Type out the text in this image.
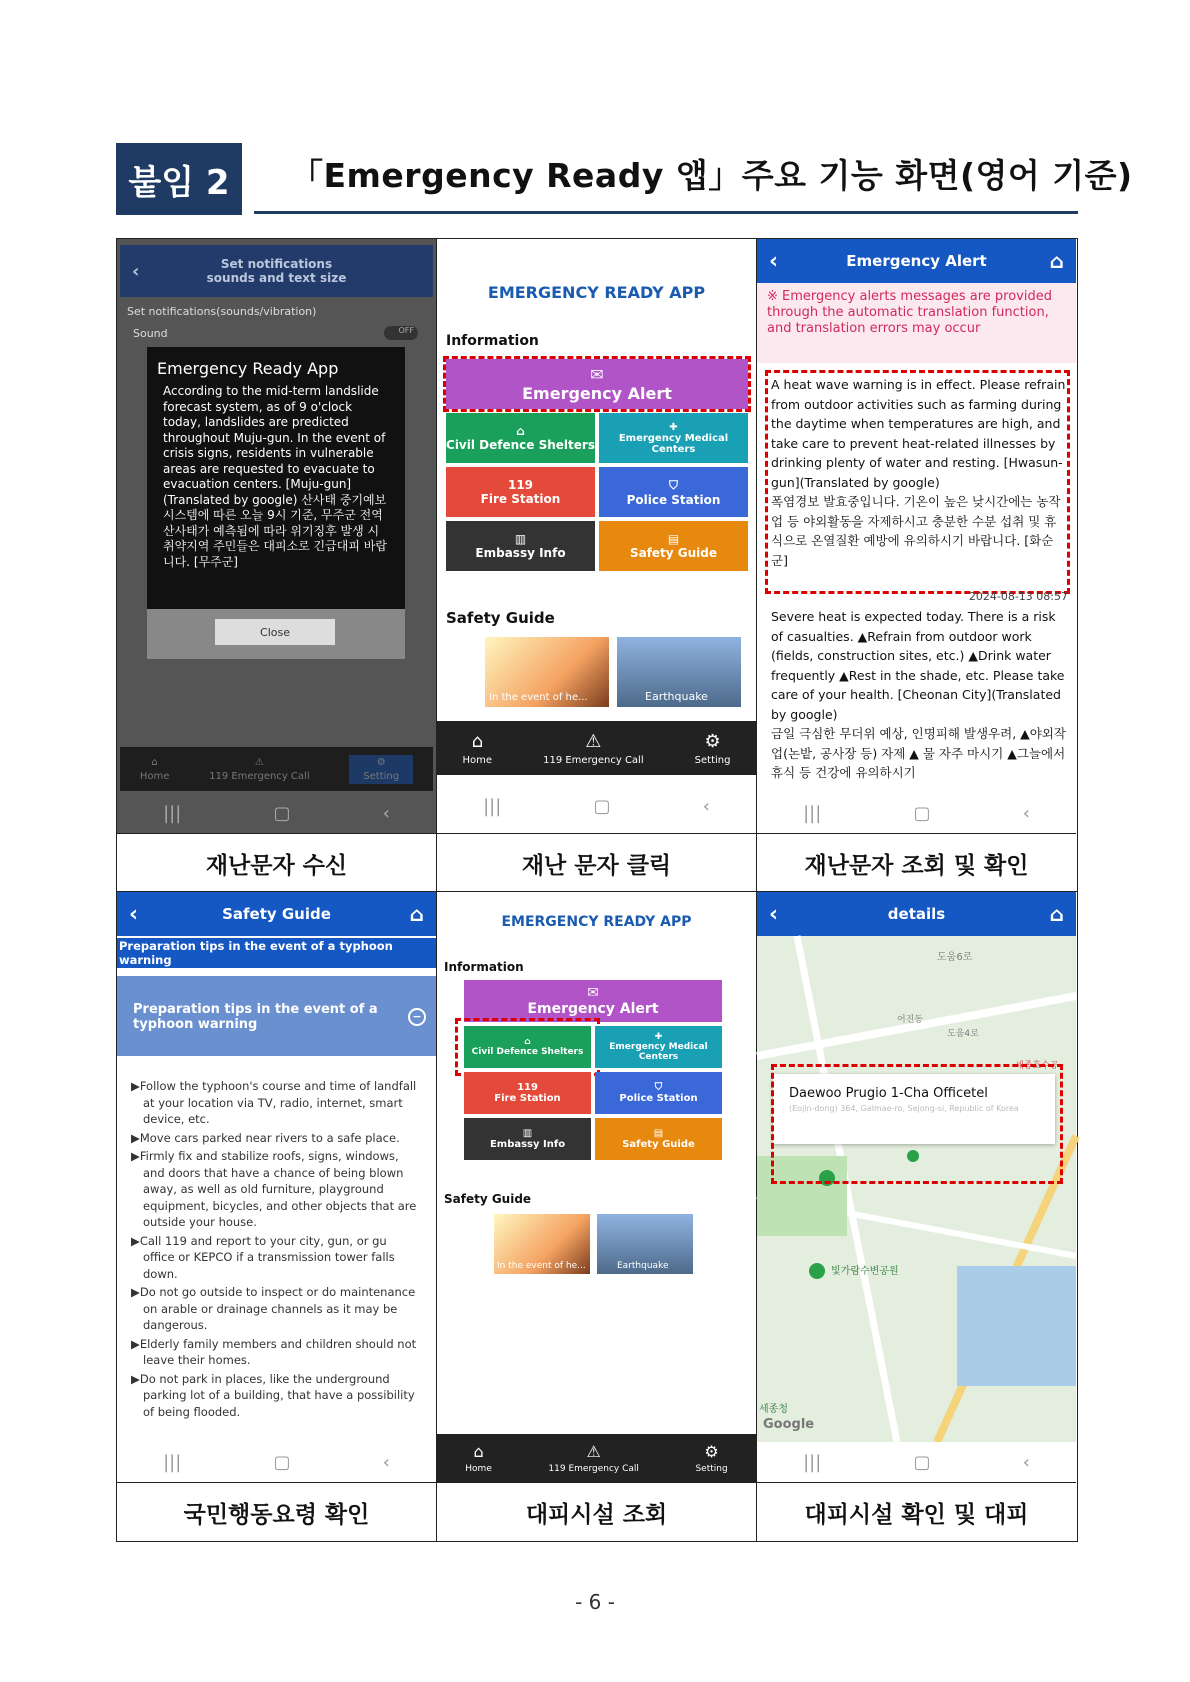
붙임 2	「Emergency Ready 앱」주요 기능 화면(영어 기준)
‹	Set notifications sounds and text size
Set notifications(sounds/vibration)
Sound	OFF
Emergency Ready App
According to the mid-term landslide forecast system, as of 9 o'clock today, landslides are predicted throughout Muju-gun. In the event of crisis signs, residents in vulnerable areas are requested to evacuate to evacuation centers. [Muju-gun](Translated by google) 산사태 중기예보시스템에 따른 오늘 9시 기준, 무주군 전역 산사태가 예측됨에 따라 위기징후 발생 시 취약지역 주민들은 대피소로 긴급대피 바랍니다. [무주군]
Close
⌂
Home
⚠
119 Emergency Call
⚙
Setting
|||	▢	‹
EMERGENCY READY APP
Information
✉
Emergency Alert
⌂
Civil Defence Shelters
✚
Emergency Medical Centers
119
Fire Station
⛉
Police Station
▥
Embassy Info
▤
Safety Guide
Safety Guide
In the event of he...	Earthquake
⌂
Home
⚠
119 Emergency Call
⚙
Setting
|||	▢	‹
‹	Emergency Alert	⌂
※ Emergency alerts messages are provided through the automatic translation function, and translation errors may occur
A heat wave warning is in effect. Please refrain from outdoor activities such as farming during the daytime when temperatures are high, and take care to prevent heat-related illnesses by drinking plenty of water and resting. [Hwasun-gun](Translated by google)
폭염경보 발효중입니다. 기온이 높은 낮시간에는 농작업 등 야외활동을 자제하시고 충분한 수분 섭취 및 휴식으로 온열질환 예방에 유의하시기 바랍니다. [화순군]
2024-08-13 08:57
Severe heat is expected today. There is a risk of casualties. ▲Refrain from outdoor work (fields, construction sites, etc.) ▲Drink water frequently ▲Rest in the shade, etc. Please take care of your health. [Cheonan City](Translated by google)
금일 극심한 무더위 예상, 인명피해 발생우려, ▲야외작업(논밭, 공사장 등) 자제 ▲ 물 자주 마시기 ▲그늘에서 휴식 등 건강에 유의하시기
|||	▢	‹
재난문자 수신	재난 문자 클릭	재난문자 조회 및 확인
‹	Safety Guide	⌂
Preparation tips in the event of a typhoon warning
Preparation tips in the event of a typhoon warning
−
▶Follow the typhoon's course and time of landfall at your location via TV, radio, internet, smart device, etc.
▶Move cars parked near rivers to a safe place.
▶Firmly fix and stabilize roofs, signs, windows, and doors that have a chance of being blown away, as well as old furniture, playground equipment, bicycles, and other objects that are outside your house.
▶Call 119 and report to your city, gun, or gu office or KEPCO if a transmission tower falls down.
▶Do not go outside to inspect or do maintenance on arable or drainage channels as it may be dangerous.
▶Elderly family members and children should not leave their homes.
▶Do not park in places, like the underground parking lot of a building, that have a possibility of being flooded.
|||	▢	‹
EMERGENCY READY APP
Information
✉
Emergency Alert
⌂
Civil Defence Shelters
✚
Emergency Medical Centers
119
Fire Station
⛉
Police Station
▥
Embassy Info
▤
Safety Guide
Safety Guide
In the event of he...	Earthquake
⌂
Home
⚠
119 Emergency Call
⚙
Setting
‹	details	⌂
도움6로
어진동
도움4로
세종호수공
빛가람수변공원
세종청
Google
Daewoo Prugio 1-Cha Officetel
(Eojin-dong) 364, Galmae-ro, Sejong-si, Republic of Korea
|||	▢	‹
국민행동요령 확인	대피시설 조회	대피시설 확인 및 대피
- 6 -
